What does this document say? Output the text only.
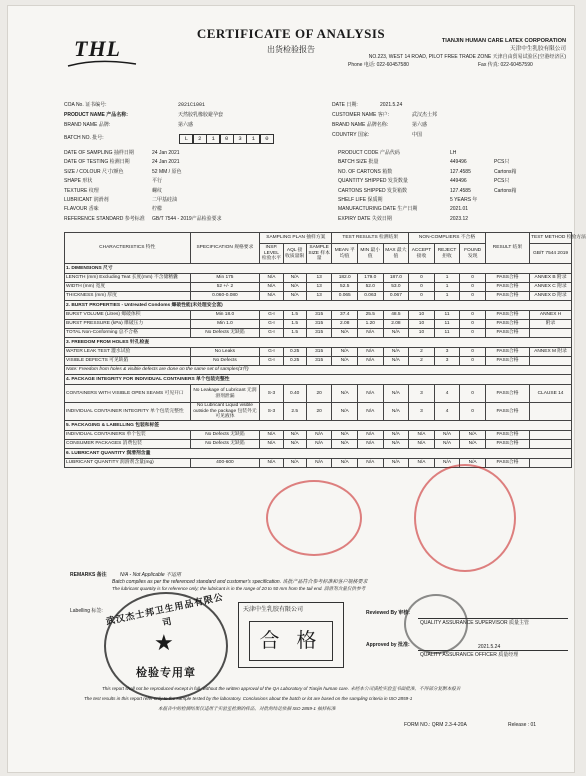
THL
CERTIFICATE OF ANALYSIS
出货检验报告
TIANJIN HUMAN CARE LATEX CORPORATION
天津中生乳胶有限公司
NO.223, WEST 14 ROAD, PILOT FREE TRADE ZONE 天津自由贸易试验区(空港经济区)
Phone 电话: 022-60457580	Fax 传真: 022-60457590
COA No. 证书编号:	2021C1001
PRODUCT NAME 产品名称:	天然胶乳橡胶避孕套
BRAND NAME 品牌:	第六感
BATCH NO. 批号:	L	2	1	0	3	1	0
DATE 日期:	2021.5.24
CUSTOMER NAME 客户:	武汉杰士邦
BRAND NAME 品牌名称:	第六感
COUNTRY 国家:	中国
CHARACTERISTICS 特性	SPECIFICATION 规格要求	SAMPLING PLAN 抽样方案			TEST RESULTS 检测结果			NON-COMPLIERS 不合格			RESULT 结果	TEST METHOD 检验方法
		INSP. LEVEL 检验水平	AQL 接收质量限	SAMPLE SIZE 样本量	MEAN 平均值	MIN 最小值	MAX 最大值	ACCEPT 接收	REJECT 拒收	FOUND 发现		GB/T 7544 2019
1. DIMENSIONS 尺寸												
LENGTH (mm) Excluding Teat 长度(mm) 不含储精囊	Min 175	N/A	N/A	13	182.0	179.0	187.0	0	1	0	PASS合格	ANNEX B 附录
WIDTH (mm) 宽度	52 +/- 2	N/A	N/A	13	52.5	52.0	53.0	0	1	0	PASS合格	ANNEX C 附录
THICKNESS (mm) 厚度	0.060-0.080	N/A	N/A	13	0.065	0.063	0.067	0	1	0	PASS合格	ANNEX D 附录
2. BURST PROPERTIES - Untreated Condoms 爆破性能(未处理安全套)												
BURST VOLUME (Litres) 爆破体积	Min 18.0	G-I	1.5	315	37.4	25.5	48.5	10	11	0	PASS合格	ANNEX H
BURST PRESSURE (kPa) 爆破压力	Min 1.0	G-I	1.5	315	2.08	1.20	2.08	10	11	0	PASS合格	附录
TOTAL Non-Conforming 总不合格	No Defects 无缺陷	G-I	1.5	315	N/A	N/A	N/A	10	11	0	PASS合格	
3. FREEDOM FROM HOLES 针孔检查												
WATER LEAK TEST 灌水试验	No Leaks	G-I	0.25	315	N/A	N/A	N/A	2	3	0	PASS合格	ANNEX M 附录
VISIBLE DEFECTS 可见缺陷	No Defects	G-I	0.25	315	N/A	N/A	N/A	2	3	0	PASS合格	
Note: Freedom from holes & visible defects are done on the same set of samples(3件)												
4. PACKAGE INTEGRITY FOR INDIVIDUAL CONTAINERS 单个包装完整性												
CONTAINERS WITH VISIBLE OPEN SEAMS 可见开口	No Leakage of Lubricant 无润滑剂泄漏	S-3	0.40	20	N/A	N/A	N/A	3	4	0	PASS合格	CLAUSE 14
INDIVIDUAL CONTAINER INTEGRITY 单个包装完整性	No Lubricant Liquid visible outside the package 包装外无可见液体	S-3	2.5	20	N/A	N/A	N/A	3	4	0	PASS合格	
5. PACKAGING & LABELLING 包装和标签												
INDIVIDUAL CONTAINERS 单个包装	No Defects 无缺陷	N/A	N/A	N/A	N/A	N/A	N/A	N/A	N/A	N/A	PASS合格	
CONSUMER PACKAGES 消费包装	No Defects 无缺陷	N/A	N/A	N/A	N/A	N/A	N/A	N/A	N/A	N/A	PASS合格	
6. LUBRICANT QUANTITY 润滑剂含量												
LUBRICANT QUANTITY 润滑剂含量(mg)	400-600	N/A	N/A	N/A	N/A	N/A	N/A	N/A	N/A	N/A	PASS合格	
REMARKS 备注	N/A - Not Applicable 不适用
Batch complies as per the referenced standard and customer's specification. 该批产品符合参考标准和客户规格要求
The lubricant quantity is for reference only; the lubricant is in the range of 20 to 50 mm from the tail end. 润滑剂含量仅供参考
Labelling 标签:	天津中生乳胶有限公司
合 格
武汉杰士邦卫生用品有限公司
★
检验专用章
Reviewed By 审核:
QUALITY ASSURANCE SUPERVISOR 质量主管
Approved by 批准:
QUALITY ASSURANCE OFFICER 质量经理
2021.5.24
This report shall not be reproduced except in full, without the written approval of the QA Laboratory of Tianjin human care. 未经本公司质检实验室书面批准，不得部分复制本报告
The test results in this report refer only to the sample tested by the laboratory. Conclusions about the batch or lot are based on the sampling criteria in ISO 2859-1
本报告中的检测结果仅适用于实验室检测的样品，对批的结论依据 ISO 2859-1 抽样标准
FORM NO.: QRM 2.3-4-20A	Release : 01
DATE OF SAMPLING 抽样日期	24 Jan 2021
DATE OF TESTING 检测日期	24 Jan 2021
SIZE / COLOUR 尺寸/颜色	52 MM / 原色
SHAPE 形状	平行
TEXTURE 纹理	螺纹
LUBRICANT 润滑剂	二甲基硅油
FLAVOUR 香味	柠檬
REFERENCE STANDARD 参考标准 GB/T 7544 - 2019产品检验要求
PRODUCT CODE 产品代码	LH
BATCH SIZE 批量	449496	PCS只
NO. OF CARTONS 箱数	127.4585	Cartons箱
QUANTITY SHIPPED 发货数量	449496	PCS只
CARTONS SHIPPED 发货箱数	127.4585	Cartons箱
SHELF LIFE 保质期	5 YEARS 年
MANUFACTURING DATE 生产日期	2021.01
EXPIRY DATE 失效日期	2023.12
